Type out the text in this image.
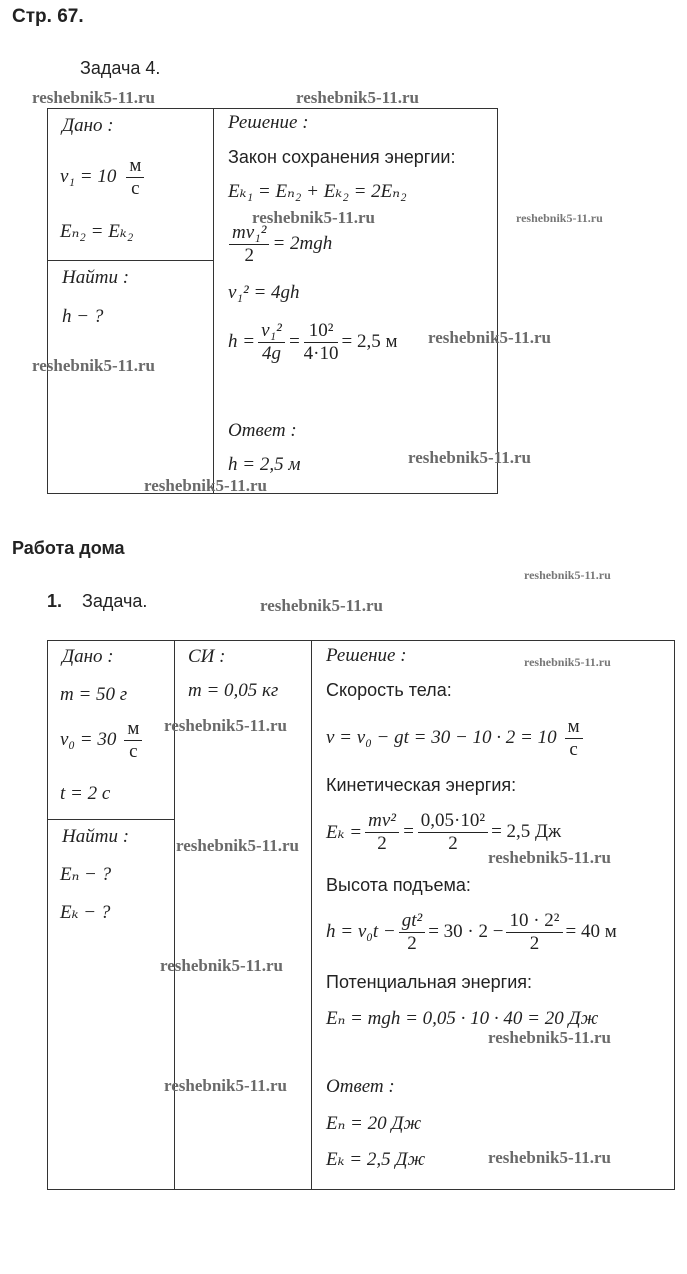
Стр. 67.
Задача 4.
Дано :
$v_1 = 10 \frac{м}{с}$
Eₙ₂ = Eₖ₂
Найти :
h − ?
Решение :
Закон сохранения энергии:
Eₖ₁ = Eₙ₂ + Eₖ₂ = 2Eₙ₂
$\frac{\text{mv₁²}}{2} = 2mgh$
v₁² = 4gh
$h = \frac{\text{v₁²}}{4g} = \frac{\text{10²}}{4\cdot 10} = 2,5$ м
Ответ :
h = 2,5 м
Работа дома
1. Задача.
Дано :
m = 50 г
$v_0 = 30 \frac{м}{с}$
t = 2 с
СИ :
m = 0,05 кг
Найти :
Eₙ − ?
Eₖ − ?
Решение :
Скорость тела:
v = v₀ − gt = $30 - 10 \cdot 2 = 10 \frac{м}{с}$
Кинетическая энергия:
$E_k = \frac{\text{mv²}}{2} = \frac{\text{0,05·10²}}{2} = 2,5$ Дж
Высота подъема:
$h = v_0t - \frac{\text{gt²}}{2} = 30 \cdot 2 - \frac{\text{10 · 2²}}{2} = 40$ м
Потенциальная энергия:
Eₙ = mgh = 0,05 · 10 · 40 = 20 Дж
Ответ :
Eₙ = 20 Дж
Eₖ = 2,5 Дж
reshebnik5-11.ru	reshebnik5-11.ru
reshebnik5-11.ru	reshebnik5-11.ru
reshebnik5-11.ru
reshebnik5-11.ru
reshebnik5-11.ru
reshebnik5-11.ru
reshebnik5-11.ru
reshebnik5-11.ru
reshebnik5-11.ru
reshebnik5-11.ru
reshebnik5-11.ru
reshebnik5-11.ru
reshebnik5-11.ru
reshebnik5-11.ru
reshebnik5-11.ru
reshebnik5-11.ru
